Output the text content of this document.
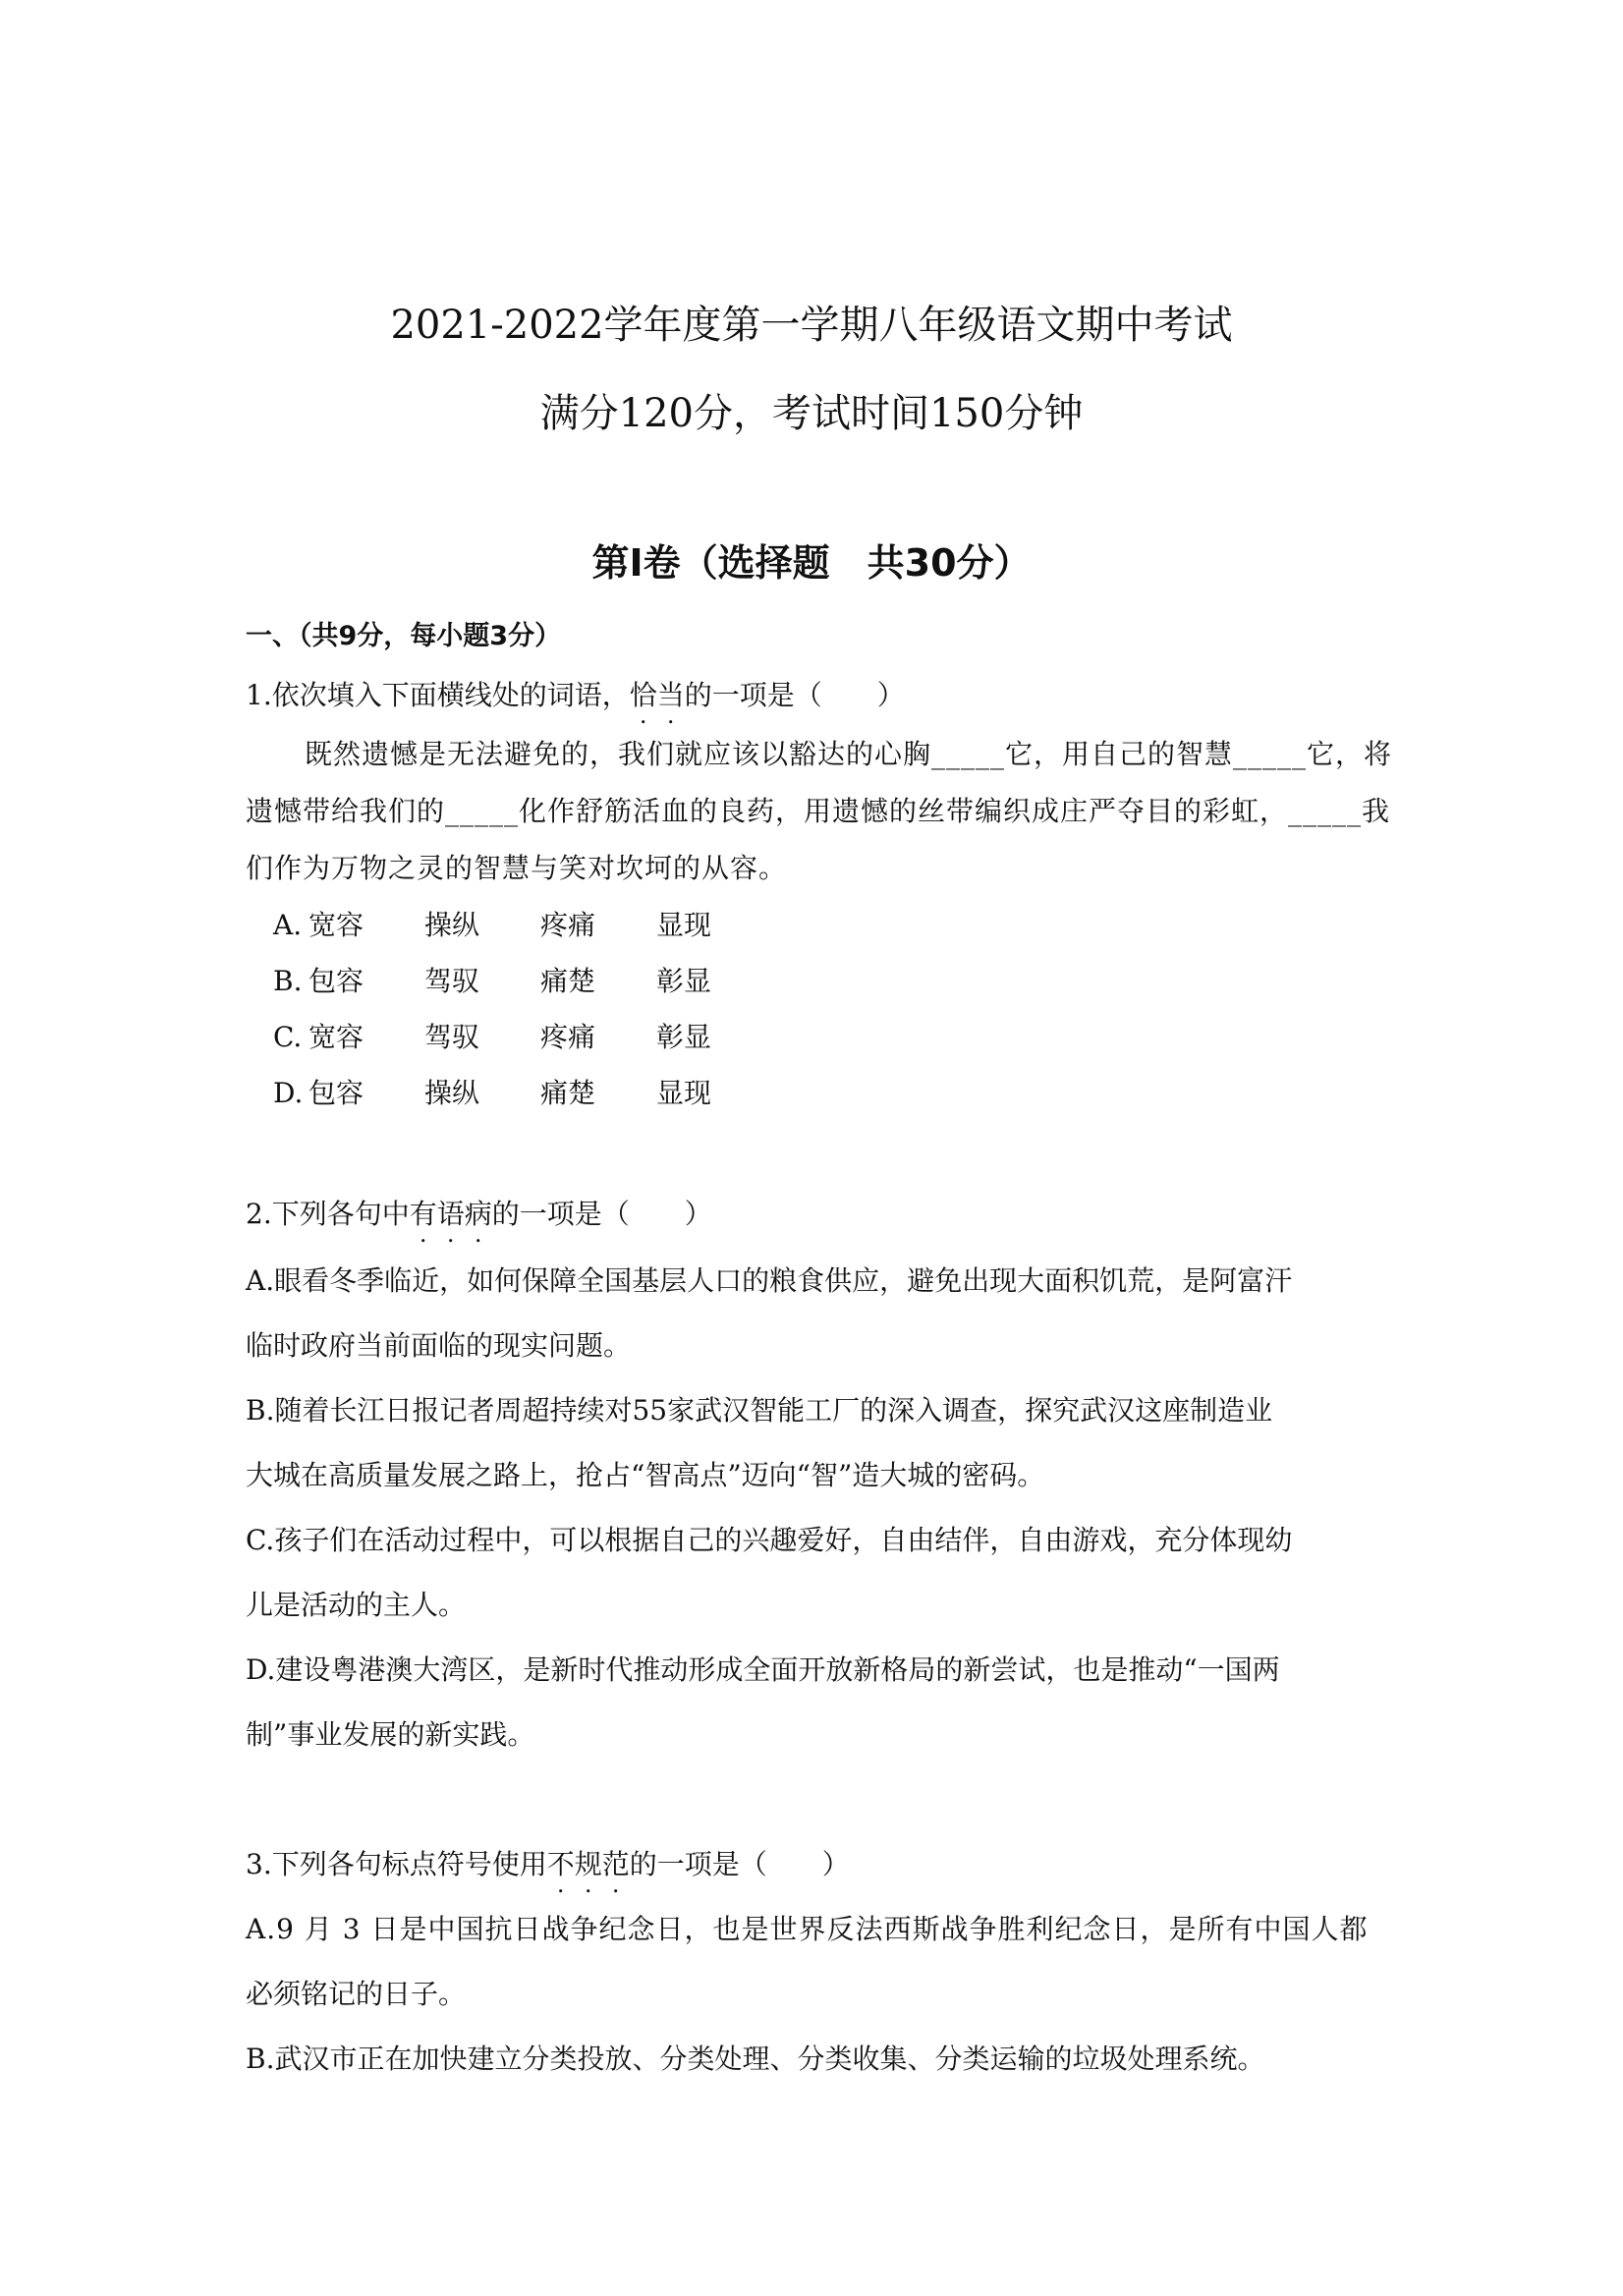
2021-2022学年度第一学期八年级语文期中考试
满分120分，考试时间150分钟
第Ⅰ卷（选择题　共30分）
一、（共9分，每小题3分）
1.依次填入下面横线处的词语，恰当的一项是（　　）
既然遗憾是无法避免的，我们就应该以豁达的心胸_____它，用自己的智慧_____它，将
遗憾带给我们的_____化作舒筋活血的良药，用遗憾的丝带编织成庄严夺目的彩虹，_____我
们作为万物之灵的智慧与笑对坎坷的从容。
A. 宽容 操纵 疼痛 显现
B. 包容 驾驭 痛楚 彰显
C. 宽容 驾驭 疼痛 彰显
D. 包容 操纵 痛楚 显现
2.下列各句中有语病的一项是（　　）
A.眼看冬季临近，如何保障全国基层人口的粮食供应，避免出现大面积饥荒，是阿富汗
临时政府当前面临的现实问题。
B.随着长江日报记者周超持续对55家武汉智能工厂的深入调查，探究武汉这座制造业
大城在高质量发展之路上，抢占“智高点”迈向“智”造大城的密码。
C.孩子们在活动过程中，可以根据自己的兴趣爱好，自由结伴，自由游戏，充分体现幼
儿是活动的主人。
D.建设粤港澳大湾区，是新时代推动形成全面开放新格局的新尝试，也是推动“一国两
制”事业发展的新实践。
3.下列各句标点符号使用不规范的一项是（　　）
A.9 月 3 日是中国抗日战争纪念日，也是世界反法西斯战争胜利纪念日，是所有中国人都
必须铭记的日子。
B.武汉市正在加快建立分类投放、分类处理、分类收集、分类运输的垃圾处理系统。
